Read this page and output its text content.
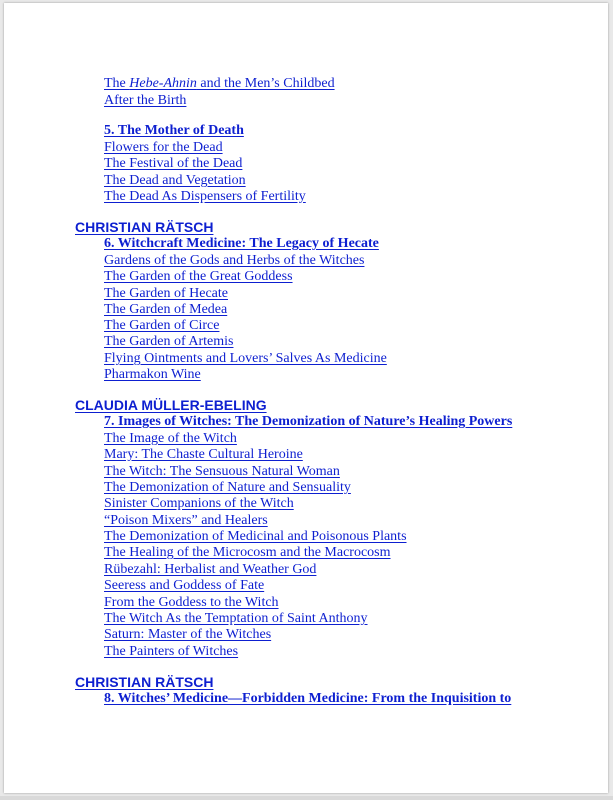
The Hebe-Ahnin and the Men’s Childbed
After the Birth
5. The Mother of Death
Flowers for the Dead
The Festival of the Dead
The Dead and Vegetation
The Dead As Dispensers of Fertility
CHRISTIAN RÄTSCH
6. Witchcraft Medicine: The Legacy of Hecate
Gardens of the Gods and Herbs of the Witches
The Garden of the Great Goddess
The Garden of Hecate
The Garden of Medea
The Garden of Circe
The Garden of Artemis
Flying Ointments and Lovers’ Salves As Medicine
Pharmakon Wine
CLAUDIA MÜLLER-EBELING
7. Images of Witches: The Demonization of Nature’s Healing Powers
The Image of the Witch
Mary: The Chaste Cultural Heroine
The Witch: The Sensuous Natural Woman
The Demonization of Nature and Sensuality
Sinister Companions of the Witch
“Poison Mixers” and Healers
The Demonization of Medicinal and Poisonous Plants
The Healing of the Microcosm and the Macrocosm
Rübezahl: Herbalist and Weather God
Seeress and Goddess of Fate
From the Goddess to the Witch
The Witch As the Temptation of Saint Anthony
Saturn: Master of the Witches
The Painters of Witches
CHRISTIAN RÄTSCH
8. Witches’ Medicine—Forbidden Medicine: From the Inquisition to
